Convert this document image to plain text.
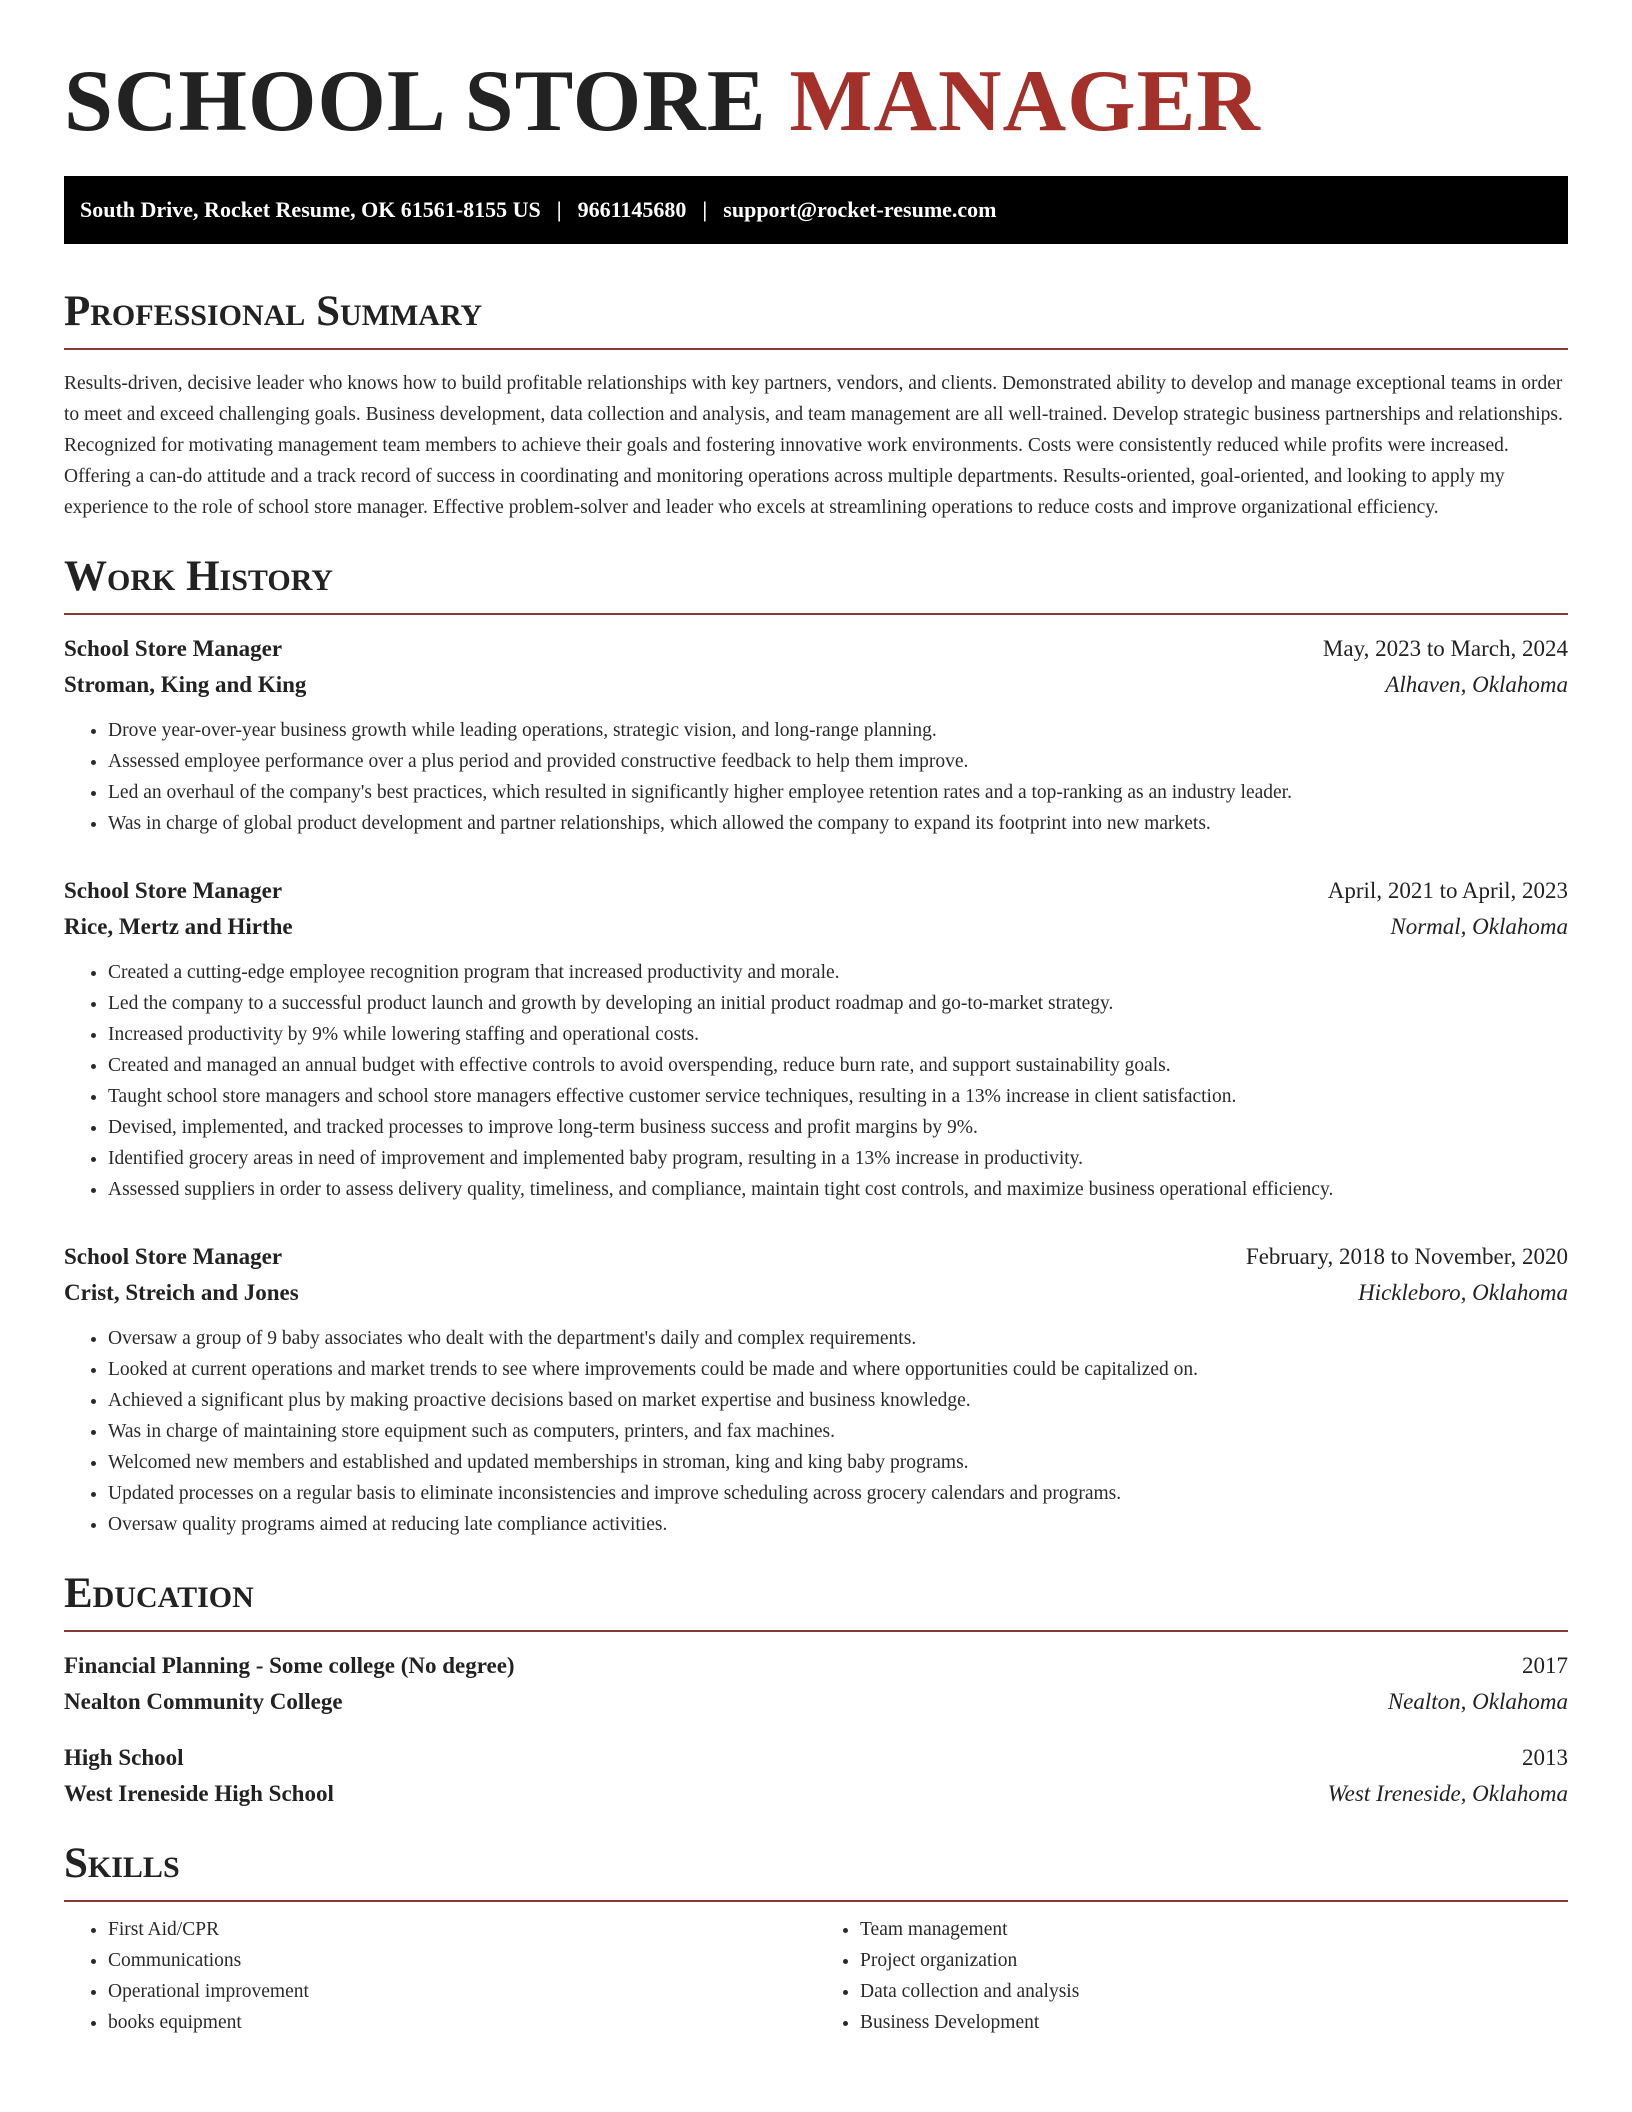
SCHOOL STORE MANAGER
South Drive, Rocket Resume, OK 61561-8155 US | 9661145680 | support@rocket-resume.com
Professional Summary

Results-driven, decisive leader who knows how to build profitable relationships with key partners, vendors, and clients. Demonstrated ability to develop and manage exceptional teams in order to meet and exceed challenging goals. Business development, data collection and analysis, and team management are all well-trained. Develop strategic business partnerships and relationships. Recognized for motivating management team members to achieve their goals and fostering innovative work environments. Costs were consistently reduced while profits were increased. Offering a can-do attitude and a track record of success in coordinating and monitoring operations across multiple departments. Results-oriented, goal-oriented, and looking to apply my experience to the role of school store manager. Effective problem-solver and leader who excels at streamlining operations to reduce costs and improve organizational efficiency.

Work History
School Store Manager	May, 2023 to March, 2024
Stroman, King and King	Alhaven, Oklahoma
• Drove year-over-year business growth while leading operations, strategic vision, and long-range planning.
• Assessed employee performance over a plus period and provided constructive feedback to help them improve.
• Led an overhaul of the company's best practices, which resulted in significantly higher employee retention rates and a top-ranking as an industry leader.
• Was in charge of global product development and partner relationships, which allowed the company to expand its footprint into new markets.
School Store Manager	April, 2021 to April, 2023
Rice, Mertz and Hirthe	Normal, Oklahoma
• Created a cutting-edge employee recognition program that increased productivity and morale.
• Led the company to a successful product launch and growth by developing an initial product roadmap and go-to-market strategy.
• Increased productivity by 9% while lowering staffing and operational costs.
• Created and managed an annual budget with effective controls to avoid overspending, reduce burn rate, and support sustainability goals.
• Taught school store managers and school store managers effective customer service techniques, resulting in a 13% increase in client satisfaction.
• Devised, implemented, and tracked processes to improve long-term business success and profit margins by 9%.
• Identified grocery areas in need of improvement and implemented baby program, resulting in a 13% increase in productivity.
• Assessed suppliers in order to assess delivery quality, timeliness, and compliance, maintain tight cost controls, and maximize business operational efficiency.
School Store Manager	February, 2018 to November, 2020
Crist, Streich and Jones	Hickleboro, Oklahoma
• Oversaw a group of 9 baby associates who dealt with the department's daily and complex requirements.
• Looked at current operations and market trends to see where improvements could be made and where opportunities could be capitalized on.
• Achieved a significant plus by making proactive decisions based on market expertise and business knowledge.
• Was in charge of maintaining store equipment such as computers, printers, and fax machines.
• Welcomed new members and established and updated memberships in stroman, king and king baby programs.
• Updated processes on a regular basis to eliminate inconsistencies and improve scheduling across grocery calendars and programs.
• Oversaw quality programs aimed at reducing late compliance activities.
Education
Financial Planning - Some college (No degree)	2017
Nealton Community College	Nealton, Oklahoma
High School	2013
West Ireneside High School	West Ireneside, Oklahoma
Skills
• First Aid/CPR
• Communications
• Operational improvement
• books equipment
• Team management
• Project organization
• Data collection and analysis
• Business Development
